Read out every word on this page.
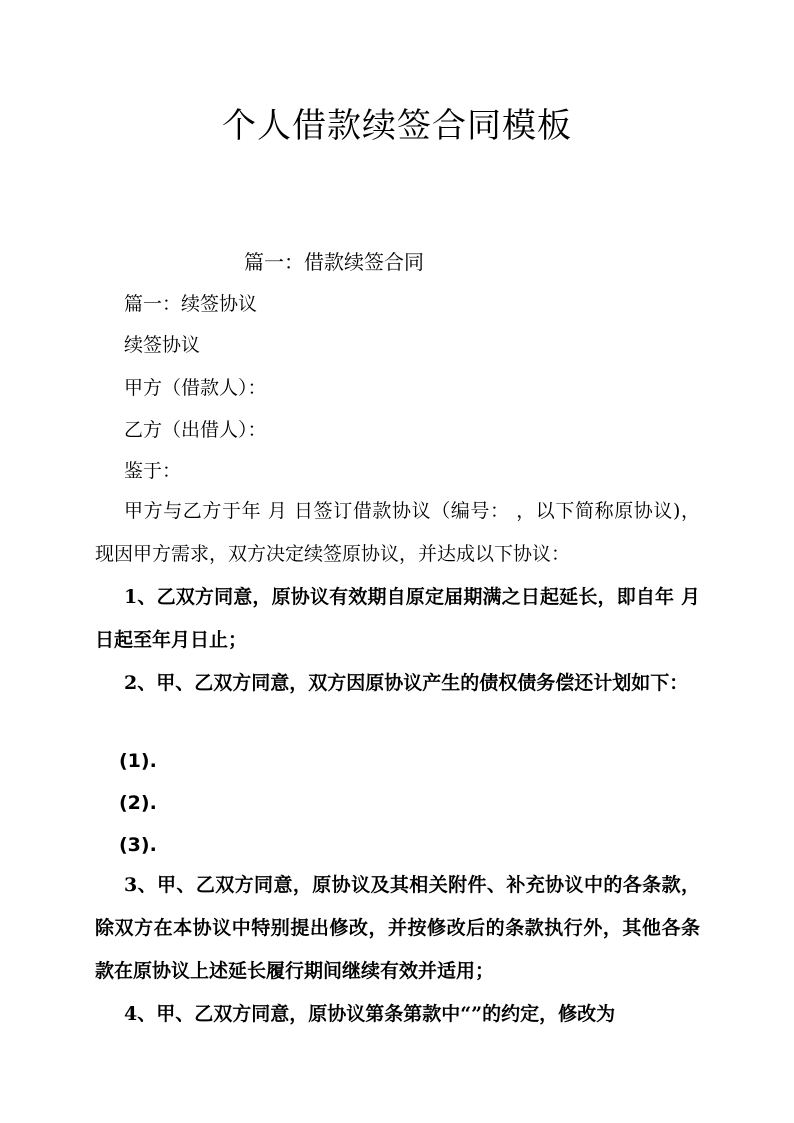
个人借款续签合同模板
篇一：借款续签合同

篇一：续签协议

续签协议

甲方（借款人）：

乙方（出借人）：

鉴于：

甲方与乙方于年 月 日签订借款协议（编号： ，以下简称原协议)，现因甲方需求，双方决定续签原协议，并达成以下协议：

1、乙双方同意，原协议有效期自原定届期满之日起延长，即自年 月日起至年月日止；

2、甲、乙双方同意，双方因原协议产生的债权债务偿还计划如下：

(1).

(2).

(3).

3、甲、乙双方同意，原协议及其相关附件、补充协议中的各条款，除双方在本协议中特别提出修改，并按修改后的条款执行外，其他各条款在原协议上述延长履行期间继续有效并适用；

4、甲、乙双方同意，原协议第条第款中“”的约定，修改为
